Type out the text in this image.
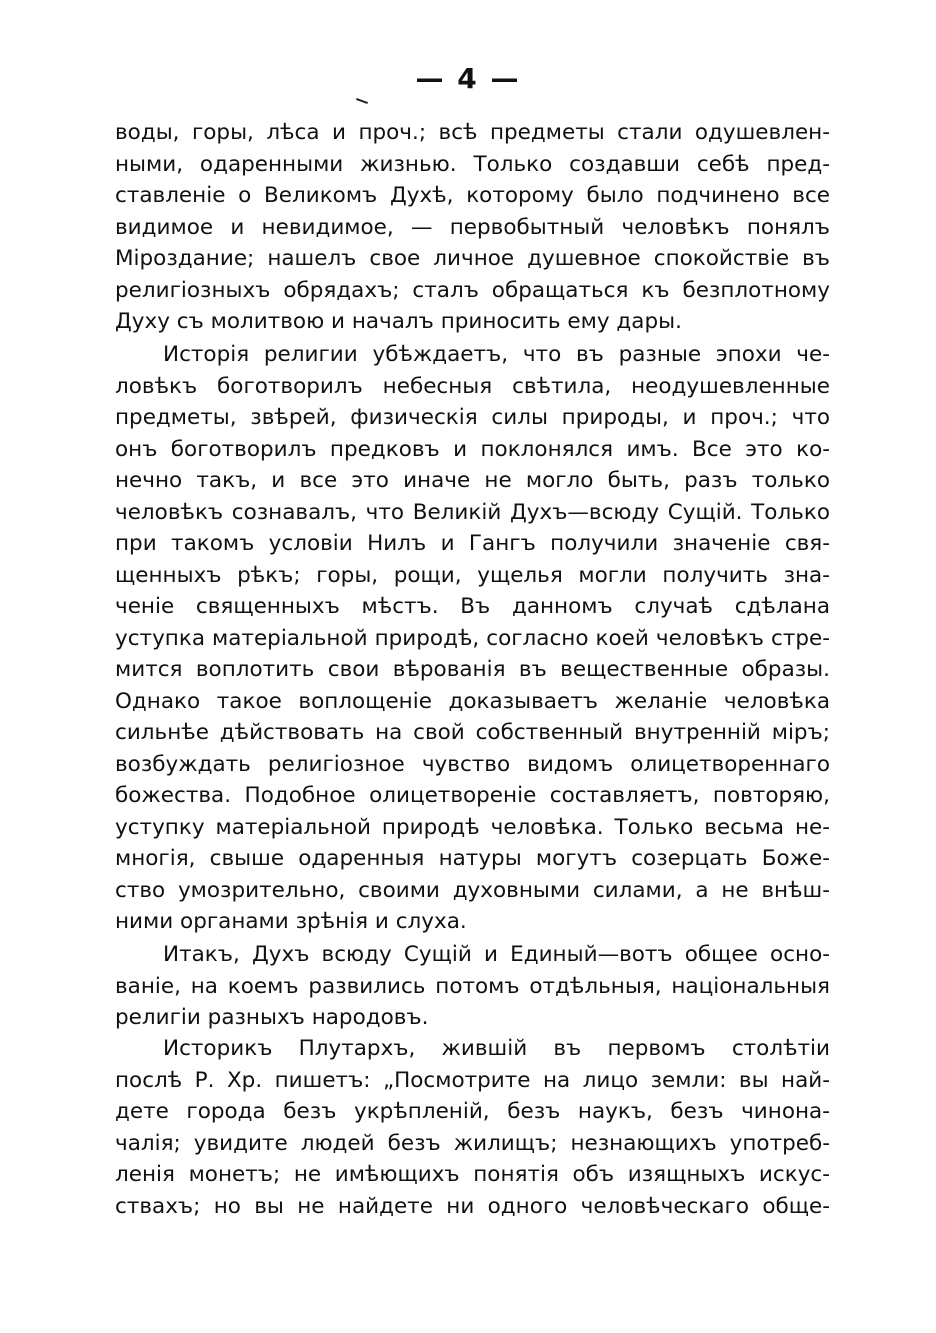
— 4 —
воды, горы, лѣса и проч.; всѣ предметы стали одушевлен-
ными, одаренными жизнью. Только создавши себѣ пред-
ставленіе о Великомъ Духѣ, которому было подчинено все
видимое и невидимое, — первобытный человѣкъ понялъ
Міроздание; нашелъ свое личное душевное спокойствіе въ
религіозныхъ обрядахъ; сталъ обращаться къ безплотному
Духу съ молитвою и началъ приносить ему дары.
Исторія религии убѣждаетъ, что въ разные эпохи че-
ловѣкъ боготворилъ небесныя свѣтила, неодушевленные
предметы, звѣрей, физическія силы природы, и проч.; что
онъ боготворилъ предковъ и поклонялся имъ. Все это ко-
нечно такъ, и все это иначе не могло быть, разъ только
человѣкъ сознавалъ, что Великій Духъ—всюду Сущій. Только
при такомъ условіи Нилъ и Гангъ получили значеніе свя-
щенныхъ рѣкъ; горы, рощи, ущелья могли получить зна-
ченіе священныхъ мѣстъ. Въ данномъ случаѣ сдѣлана
уступка матеріальной природѣ, согласно коей человѣкъ стре-
мится воплотить свои вѣрованія въ вещественные образы.
Однако такое воплощеніе доказываетъ желаніе человѣка
сильнѣе дѣйствовать на свой собственный внутренній міръ;
возбуждать религіозное чувство видомъ олицетвореннаго
божества. Подобное олицетвореніе составляетъ, повторяю,
уступку матеріальной природѣ человѣка. Только весьма не-
многія, свыше одаренныя натуры могутъ созерцать Боже-
ство умозрительно, своими духовными силами, а не внѣш-
ними органами зрѣнія и слуха.
Итакъ, Духъ всюду Сущій и Единый—вотъ общее осно-
ваніе, на коемъ развились потомъ отдѣльныя, національныя
религіи разныхъ народовъ.
Историкъ Плутархъ, жившій въ первомъ столѣтіи
послѣ Р. Хр. пишетъ: „Посмотрите на лицо земли: вы най-
дете города безъ укрѣпленій, безъ наукъ, безъ чинона-
чалія; увидите людей безъ жилищъ; незнающихъ употреб-
ленія монетъ; не имѣющихъ понятія объ изящныхъ искус-
ствахъ; но вы не найдете ни одного человѣческаго обще-
